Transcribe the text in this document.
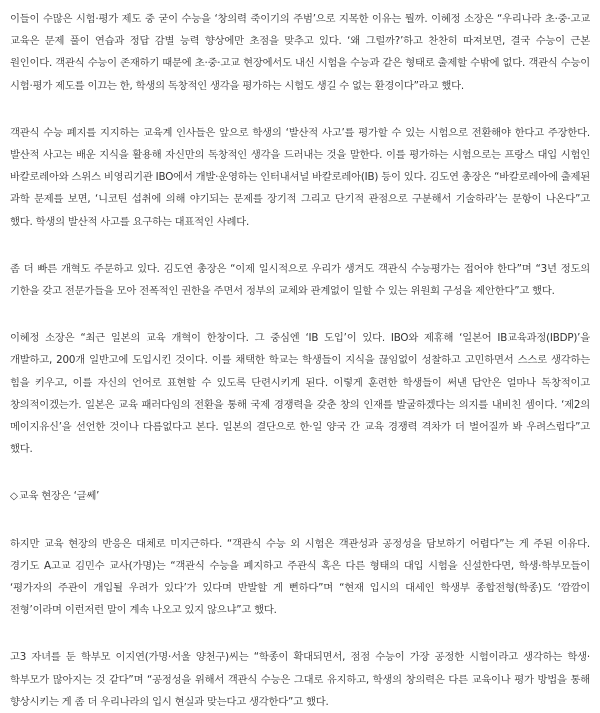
이들이 수많은 시험·평가 제도 중 굳이 수능을 ‘창의력 죽이기의 주범’으로 지목한 이유는 뭘까. 이혜정 소장은 “우리나라 초·중·고교 교육은 문제 풀이 연습과 정답 감별 능력 향상에만 초점을 맞추고 있다. ‘왜 그럴까?’하고 찬찬히 따져보면, 결국 수능이 근본 원인이다. 객관식 수능이 존재하기 때문에 초·중·고교 현장에서도 내신 시험을 수능과 같은 형태로 출제할 수밖에 없다. 객관식 수능이 시험·평가 제도를 이끄는 한, 학생의 독창적인 생각을 평가하는 시험도 생길 수 없는 환경이다”라고 했다.

객관식 수능 폐지를 지지하는 교육계 인사들은 앞으로 학생의 ‘발산적 사고’를 평가할 수 있는 시험으로 전환해야 한다고 주장한다. 발산적 사고는 배운 지식을 활용해 자신만의 독창적인 생각을 드러내는 것을 말한다. 이를 평가하는 시험으로는 프랑스 대입 시험인 바칼로레아와 스위스 비영리기관 IBO에서 개발·운영하는 인터내셔널 바칼로레아(IB) 등이 있다. 김도연 총장은 “바칼로레아에 출제된 과학 문제를 보면, ‘니코틴 섭취에 의해 야기되는 문제를 장기적 그리고 단기적 관점으로 구분해서 기술하라’는 문항이 나온다”고 했다. 학생의 발산적 사고를 요구하는 대표적인 사례다.

좀 더 빠른 개혁도 주문하고 있다. 김도연 총장은 “이제 일시적으로 우리가 생겨도 객관식 수능평가는 접어야 한다”며 “3년 정도의 기한을 갖고 전문가들을 모아 전폭적인 권한을 주면서 정부의 교체와 관계없이 일할 수 있는 위원회 구성을 제안한다”고 했다.

이혜정 소장은 “최근 일본의 교육 개혁이 한창이다. 그 중심엔 ‘IB 도입’이 있다. IBO와 제휴해 ‘일본어 IB교육과정(IBDP)’을 개발하고, 200개 일반고에 도입시킨 것이다. 이를 채택한 학교는 학생들이 지식을 끊임없이 성찰하고 고민하면서 스스로 생각하는 힘을 키우고, 이를 자신의 언어로 표현할 수 있도록 단련시키게 된다. 이렇게 훈련한 학생들이 써낸 답안은 얼마나 독창적이고 창의적이겠는가. 일본은 교육 패러다임의 전환을 통해 국제 경쟁력을 갖춘 창의 인재를 발굴하겠다는 의지를 내비친 셈이다. ‘제2의 메이지유신’을 선언한 것이나 다름없다고 본다. 일본의 결단으로 한·일 양국 간 교육 경쟁력 격차가 더 벌어질까 봐 우려스럽다”고 했다.

◇교육 현장은 ‘글쎄’

하지만 교육 현장의 반응은 대체로 미지근하다. “객관식 수능 외 시험은 객관성과 공정성을 담보하기 어렵다”는 게 주된 이유다. 경기도 A고교 김민수 교사(가명)는 “객관식 수능을 폐지하고 주관식 혹은 다른 형태의 대입 시험을 신설한다면, 학생·학부모들이 ‘평가자의 주관이 개입될 우려가 있다’가 있다며 반발할 게 뻔하다”며 “현재 입시의 대세인 학생부 종합전형(학종)도 ‘깜깜이 전형’이라며 이런저런 말이 계속 나오고 있지 않으냐”고 했다.

고3 자녀를 둔 학부모 이지연(가명·서울 양천구)씨는 “학종이 확대되면서, 점점 수능이 가장 공정한 시험이라고 생각하는 학생·학부모가 많아지는 것 같다”며 “공정성을 위해서 객관식 수능은 그대로 유지하고, 학생의 창의력은 다른 교육이나 평가 방법을 통해 향상시키는 게 좀 더 우리나라의 입시 현실과 맞는다고 생각한다”고 했다.
